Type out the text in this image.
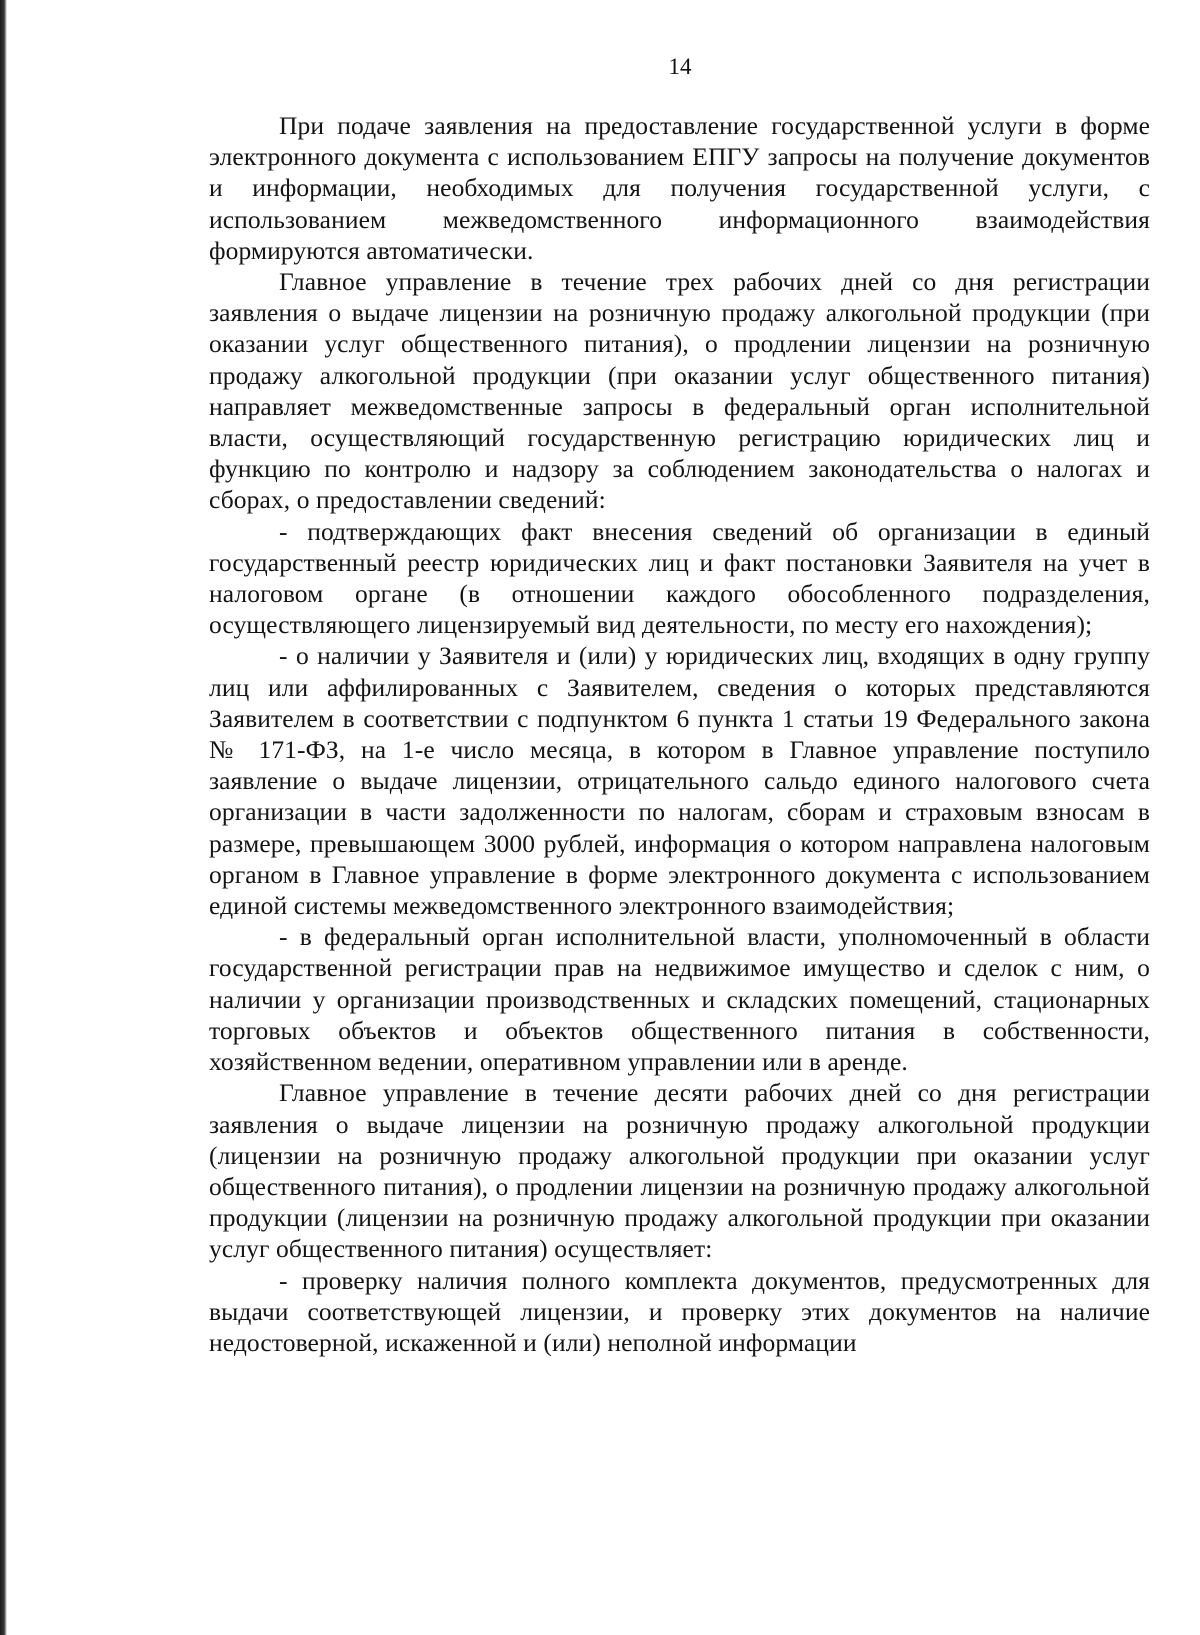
14

При подаче заявления на предоставление государственной услуги в форме электронного документа с использованием ЕПГУ запросы на получение документов и информации, необходимых для получения государственной услуги, с использованием межведомственного информационного взаимодействия формируются автоматически.

Главное управление в течение трех рабочих дней со дня регистрации заявления о выдаче лицензии на розничную продажу алкогольной продукции (при оказании услуг общественного питания), о продлении лицензии на розничную продажу алкогольной продукции (при оказании услуг общественного питания) направляет межведомственные запросы в федеральный орган исполнительной власти, осуществляющий государственную регистрацию юридических лиц и функцию по контролю и надзору за соблюдением законодательства о налогах и сборах, о предоставлении сведений:

- подтверждающих факт внесения сведений об организации в единый государственный реестр юридических лиц и факт постановки Заявителя на учет в налоговом органе (в отношении каждого обособленного подразделения, осуществляющего лицензируемый вид деятельности, по месту его нахождения);

- о наличии у Заявителя и (или) у юридических лиц, входящих в одну группу лиц или аффилированных с Заявителем, сведения о которых представляются Заявителем в соответствии с подпунктом 6 пункта 1 статьи 19 Федерального закона № 171-ФЗ, на 1-е число месяца, в котором в Главное управление поступило заявление о выдаче лицензии, отрицательного сальдо единого налогового счета организации в части задолженности по налогам, сборам и страховым взносам в размере, превышающем 3000 рублей, информация о котором направлена налоговым органом в Главное управление в форме электронного документа с использованием единой системы межведомственного электронного взаимодействия;

- в федеральный орган исполнительной власти, уполномоченный в области государственной регистрации прав на недвижимое имущество и сделок с ним, о наличии у организации производственных и складских помещений, стационарных торговых объектов и объектов общественного питания в собственности, хозяйственном ведении, оперативном управлении или в аренде.

Главное управление в течение десяти рабочих дней со дня регистрации заявления о выдаче лицензии на розничную продажу алкогольной продукции (лицензии на розничную продажу алкогольной продукции при оказании услуг общественного питания), о продлении лицензии на розничную продажу алкогольной продукции (лицензии на розничную продажу алкогольной продукции при оказании услуг общественного питания) осуществляет:

- проверку наличия полного комплекта документов, предусмотренных для выдачи соответствующей лицензии, и проверку этих документов на наличие недостоверной, искаженной и (или) неполной информации
